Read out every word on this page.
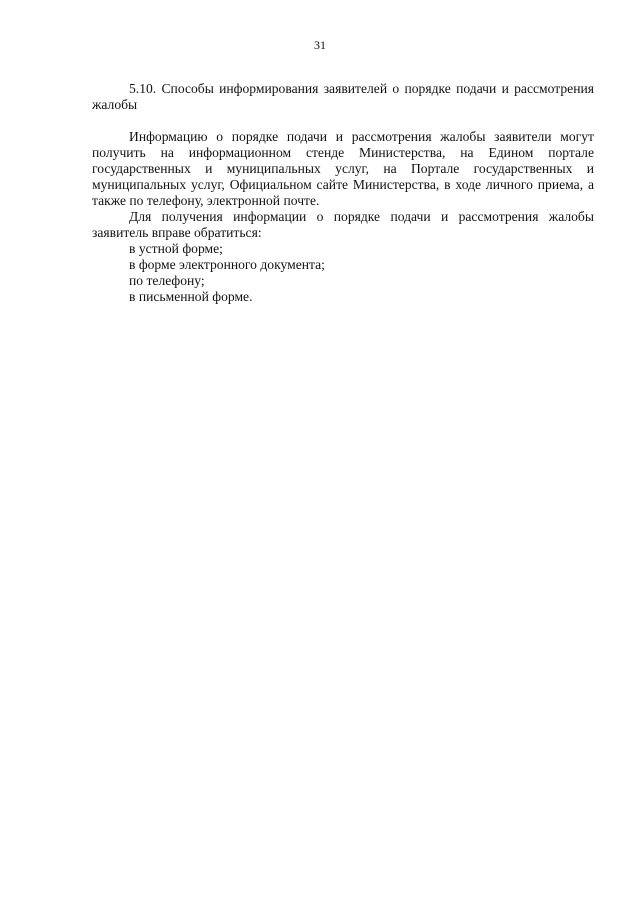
31

5.10. Способы информирования заявителей о порядке подачи и рассмотрения жалобы

Информацию о порядке подачи и рассмотрения жалобы заявители могут получить на информационном стенде Министерства, на Едином портале государственных и муниципальных услуг, на Портале государственных и муниципальных услуг, Официальном сайте Министерства, в ходе личного приема, а также по телефону, электронной почте.

Для получения информации о порядке подачи и рассмотрения жалобы заявитель вправе обратиться:

в устной форме;

в форме электронного документа;

по телефону;

в письменной форме.
